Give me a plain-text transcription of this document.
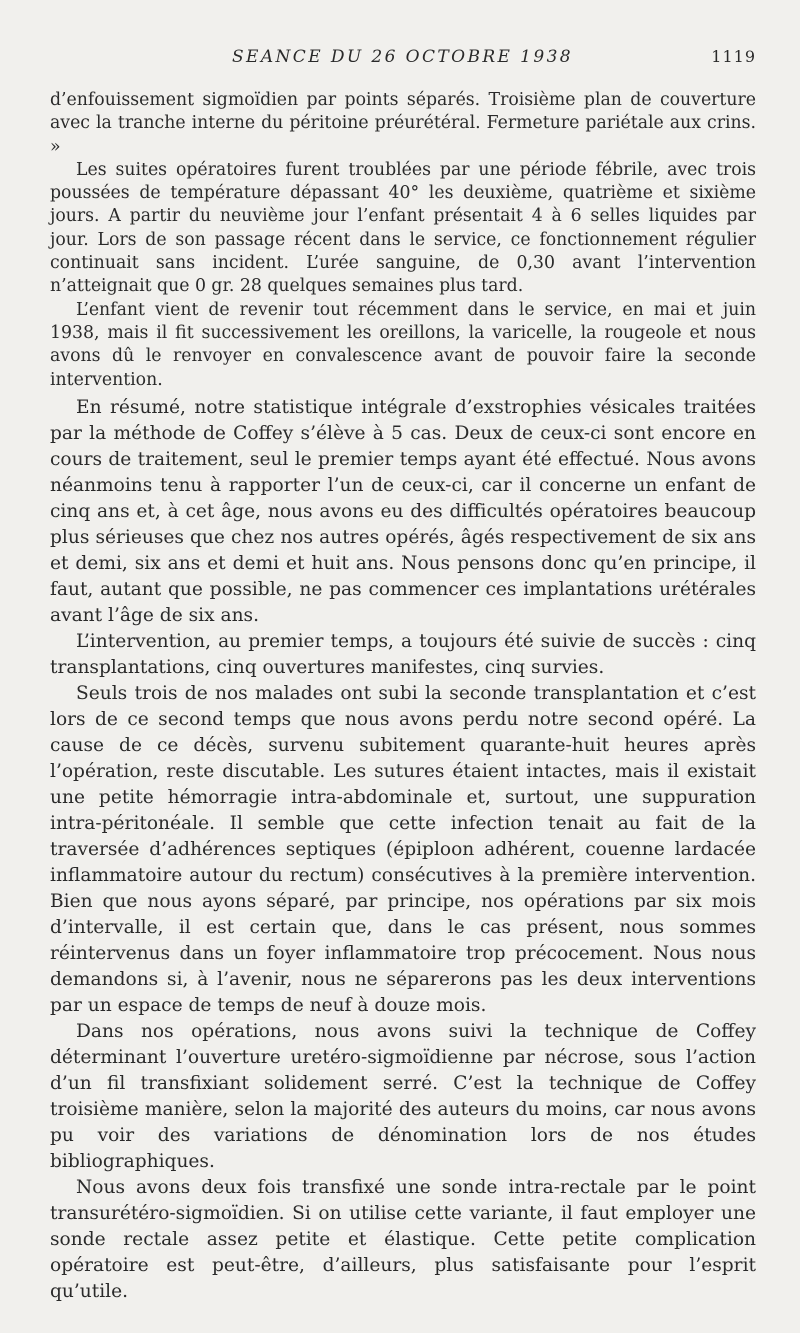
SEANCE DU 26 OCTOBRE 1938	1119

d’enfouissement sigmoïdien par points séparés. Troisième plan de couverture avec la tranche interne du péritoine préurétéral. Fermeture pariétale aux crins. »

Les suites opératoires furent troublées par une période fébrile, avec trois poussées de température dépassant 40° les deuxième, quatrième et sixième jours. A partir du neuvième jour l’enfant présentait 4 à 6 selles liquides par jour. Lors de son passage récent dans le service, ce fonctionnement régulier continuait sans incident. L’urée sanguine, de 0,30 avant l’intervention n’atteignait que 0 gr. 28 quelques semaines plus tard.

L’enfant vient de revenir tout récemment dans le service, en mai et juin 1938, mais il fit successivement les oreillons, la varicelle, la rougeole et nous avons dû le renvoyer en convalescence avant de pouvoir faire la seconde intervention.

En résumé, notre statistique intégrale d’exstrophies vésicales traitées par la méthode de Coffey s’élève à 5 cas. Deux de ceux-ci sont encore en cours de traitement, seul le premier temps ayant été effectué. Nous avons néanmoins tenu à rapporter l’un de ceux-ci, car il concerne un enfant de cinq ans et, à cet âge, nous avons eu des difficultés opératoires beaucoup plus sérieuses que chez nos autres opérés, âgés respectivement de six ans et demi, six ans et demi et huit ans. Nous pensons donc qu’en principe, il faut, autant que possible, ne pas commencer ces implantations urétérales avant l’âge de six ans.

L’intervention, au premier temps, a toujours été suivie de succès : cinq transplantations, cinq ouvertures manifestes, cinq survies.

Seuls trois de nos malades ont subi la seconde transplantation et c’est lors de ce second temps que nous avons perdu notre second opéré. La cause de ce décès, survenu subitement quarante-huit heures après l’opération, reste discutable. Les sutures étaient intactes, mais il existait une petite hémorragie intra-abdominale et, surtout, une suppuration intra-péritonéale. Il semble que cette infection tenait au fait de la traversée d’adhérences septiques (épiploon adhérent, couenne lardacée inflammatoire autour du rectum) consécutives à la première intervention. Bien que nous ayons séparé, par principe, nos opérations par six mois d’intervalle, il est certain que, dans le cas présent, nous sommes réintervenus dans un foyer inflammatoire trop précocement. Nous nous demandons si, à l’avenir, nous ne séparerons pas les deux interventions par un espace de temps de neuf à douze mois.

Dans nos opérations, nous avons suivi la technique de Coffey déterminant l’ouverture uretéro-sigmoïdienne par nécrose, sous l’action d’un fil transfixiant solidement serré. C’est la technique de Coffey troisième manière, selon la majorité des auteurs du moins, car nous avons pu voir des variations de dénomination lors de nos études bibliographiques.

Nous avons deux fois transfixé une sonde intra-rectale par le point transurétéro-sigmoïdien. Si on utilise cette variante, il faut employer une sonde rectale assez petite et élastique. Cette petite complication opératoire est peut-être, d’ailleurs, plus satisfaisante pour l’esprit qu’utile.
